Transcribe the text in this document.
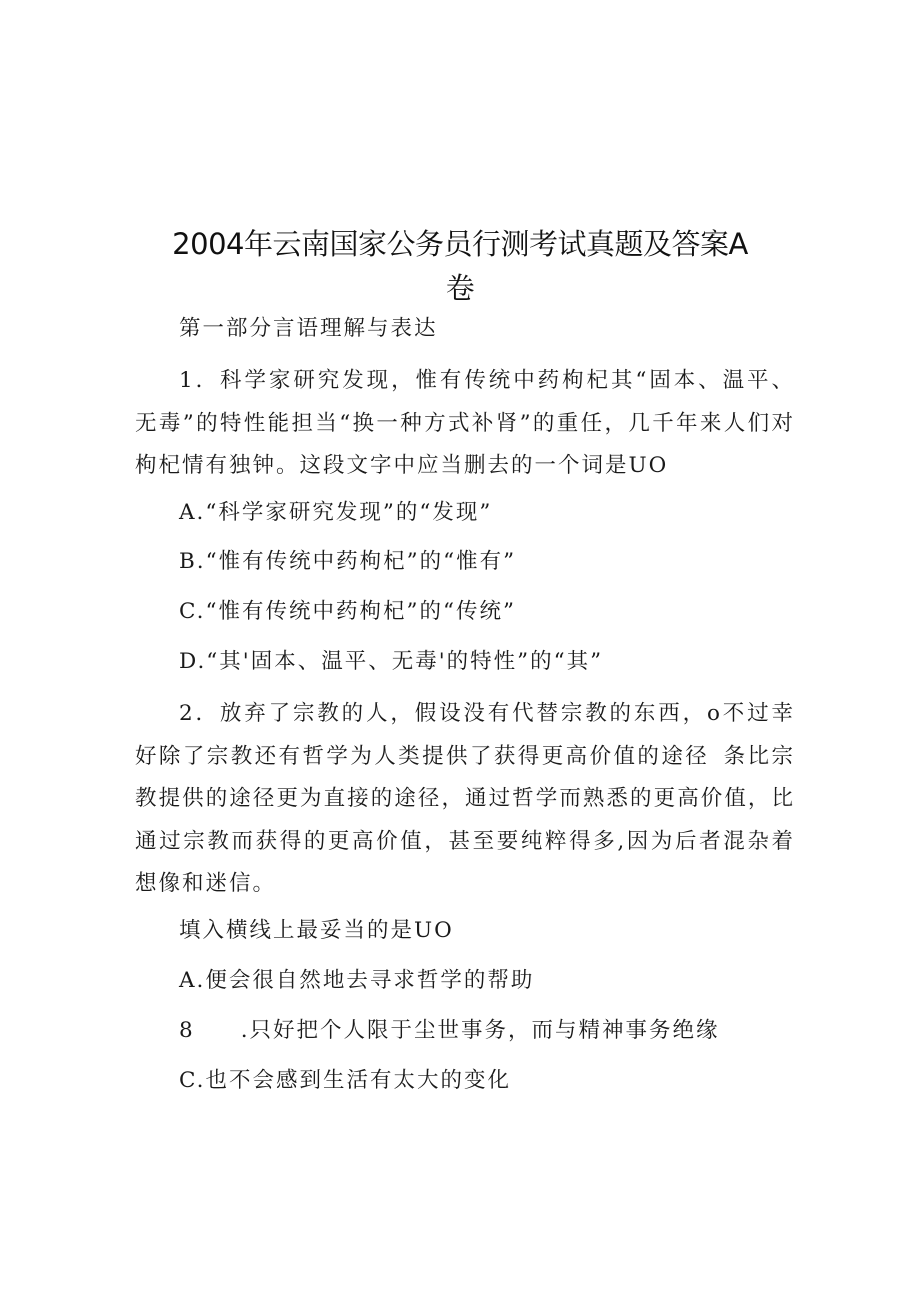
2004年云南国家公务员行测考试真题及答案A
卷
第一部分言语理解与表达

1．科学家研究发现，惟有传统中药枸杞其“固本、温平、无毒”的特性能担当“换一种方式补肾”的重任，几千年来人们对枸杞情有独钟。这段文字中应当删去的一个词是UO

A.“科学家研究发现”的“发现”
B.“惟有传统中药枸杞”的“惟有”
C.“惟有传统中药枸杞”的“传统”
D.“其'固本、温平、无毒'的特性”的“其”

2．放弃了宗教的人，假设没有代替宗教的东西，o不过幸好除了宗教还有哲学为人类提供了获得更高价值的途径 条比宗教提供的途径更为直接的途径，通过哲学而熟悉的更高价值，比通过宗教而获得的更高价值，甚至要纯粹得多,因为后者混杂着想像和迷信。

填入横线上最妥当的是UO
A.便会很自然地去寻求哲学的帮助
8 .只好把个人限于尘世事务，而与精神事务绝缘
C.也不会感到生活有太大的变化
